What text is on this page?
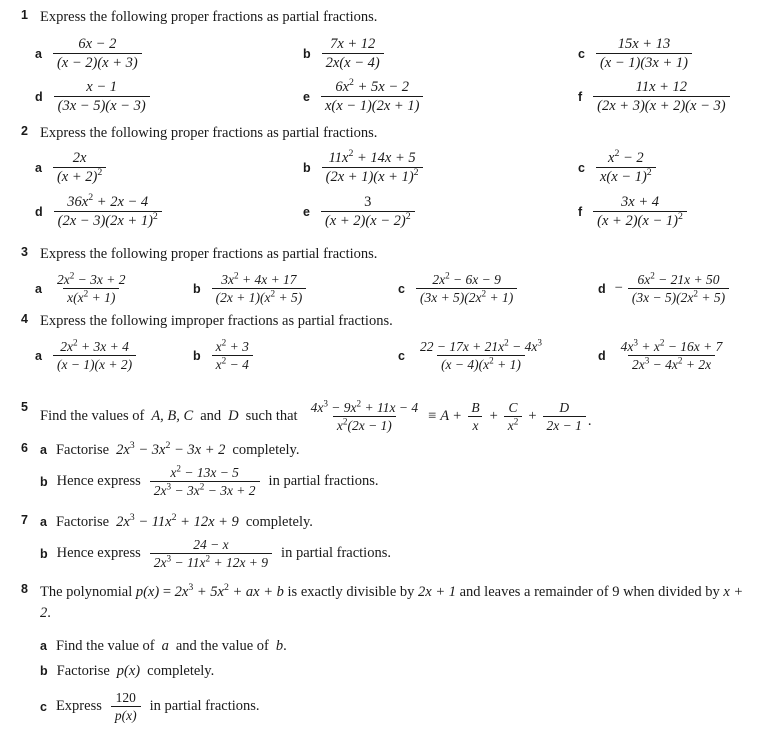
1 Express the following proper fractions as partial fractions.
a $\frac{6x - 2}{(x - 2)(x + 3)}$	b $\frac{7x + 12}{2x(x - 4)}$	c $\frac{15x + 13}{(x - 1)(3x + 1)}$
d $\frac{x - 1}{(3x - 5)(x - 3)}$	e $\frac{6x^2 + 5x - 2}{x(x - 1)(2x + 1)}$	f $\frac{11x + 12}{(2x + 3)(x + 2)(x - 3)}$
2 Express the following proper fractions as partial fractions.
a $\frac{2x}{(x + 2)^2}$	b $\frac{11x^2 + 14x + 5}{(2x + 1)(x + 1)^2}$	c $\frac{x^2 - 2}{x(x - 1)^2}$
d $\frac{36x^2 + 2x - 4}{(2x - 3)(2x + 1)^2}$	e $\frac{3}{(x + 2)(x - 2)^2}$	f $\frac{3x + 4}{(x + 2)(x - 1)^2}$
3 Express the following proper fractions as partial fractions.
a $\frac{2x^2 - 3x + 2}{x(x^2 + 1)}$	b $\frac{3x^2 + 4x + 17}{(2x + 1)(x^2 + 5)}$	c $\frac{2x^2 - 6x - 9}{(3x + 5)(2x^2 + 1)}$	$d - \frac{6x^2 - 21x + 50}{(3x - 5)(2x^2 + 5)}$
4 Express the following improper fractions as partial fractions.
a $\frac{2x^2 + 3x + 4}{(x - 1)(x + 2)}$	b $\frac{x^2 + 3}{x^2 - 4}$	c $\frac{22 - 17x + 21x^2 - 4x^3}{(x - 4)(x^2 + 1)}$	d $\frac{4x^3 + x^2 - 16x + 7}{2x^3 - 4x^2 + 2x}$
5
Find the values of A, B, C and D such that $\frac{4x^3 - 9x^2 + 11x - 4}{x^2(2x - 1)} \equiv A + \frac{B}{x} + \frac{C}{x^2} + \frac{D}{2x - 1}$ .
6 a Factorise $2x^3 - 3x^2 - 3x + 2$ completely.
b Hence express $\frac{x^2 - 13x - 5}{2x^3 - 3x^2 - 3x + 2}$ in partial fractions.
7 a Factorise $2x^3 - 11x^2 + 12x + 9$ completely.
b Hence express $\frac{24 - x}{2x^3 - 11x^2 + 12x + 9}$ in partial fractions.
8 The polynomial $p(x) = 2x^3 + 5x^2$ + ax + b is exactly divisible by 2x + 1 and leaves a remainder of 9 when divided by x + 2.
a Find the value of a and the value of b .
b Factorise p(x) completely.
c Express $\frac{120}{p(x)}$ in partial fractions.
